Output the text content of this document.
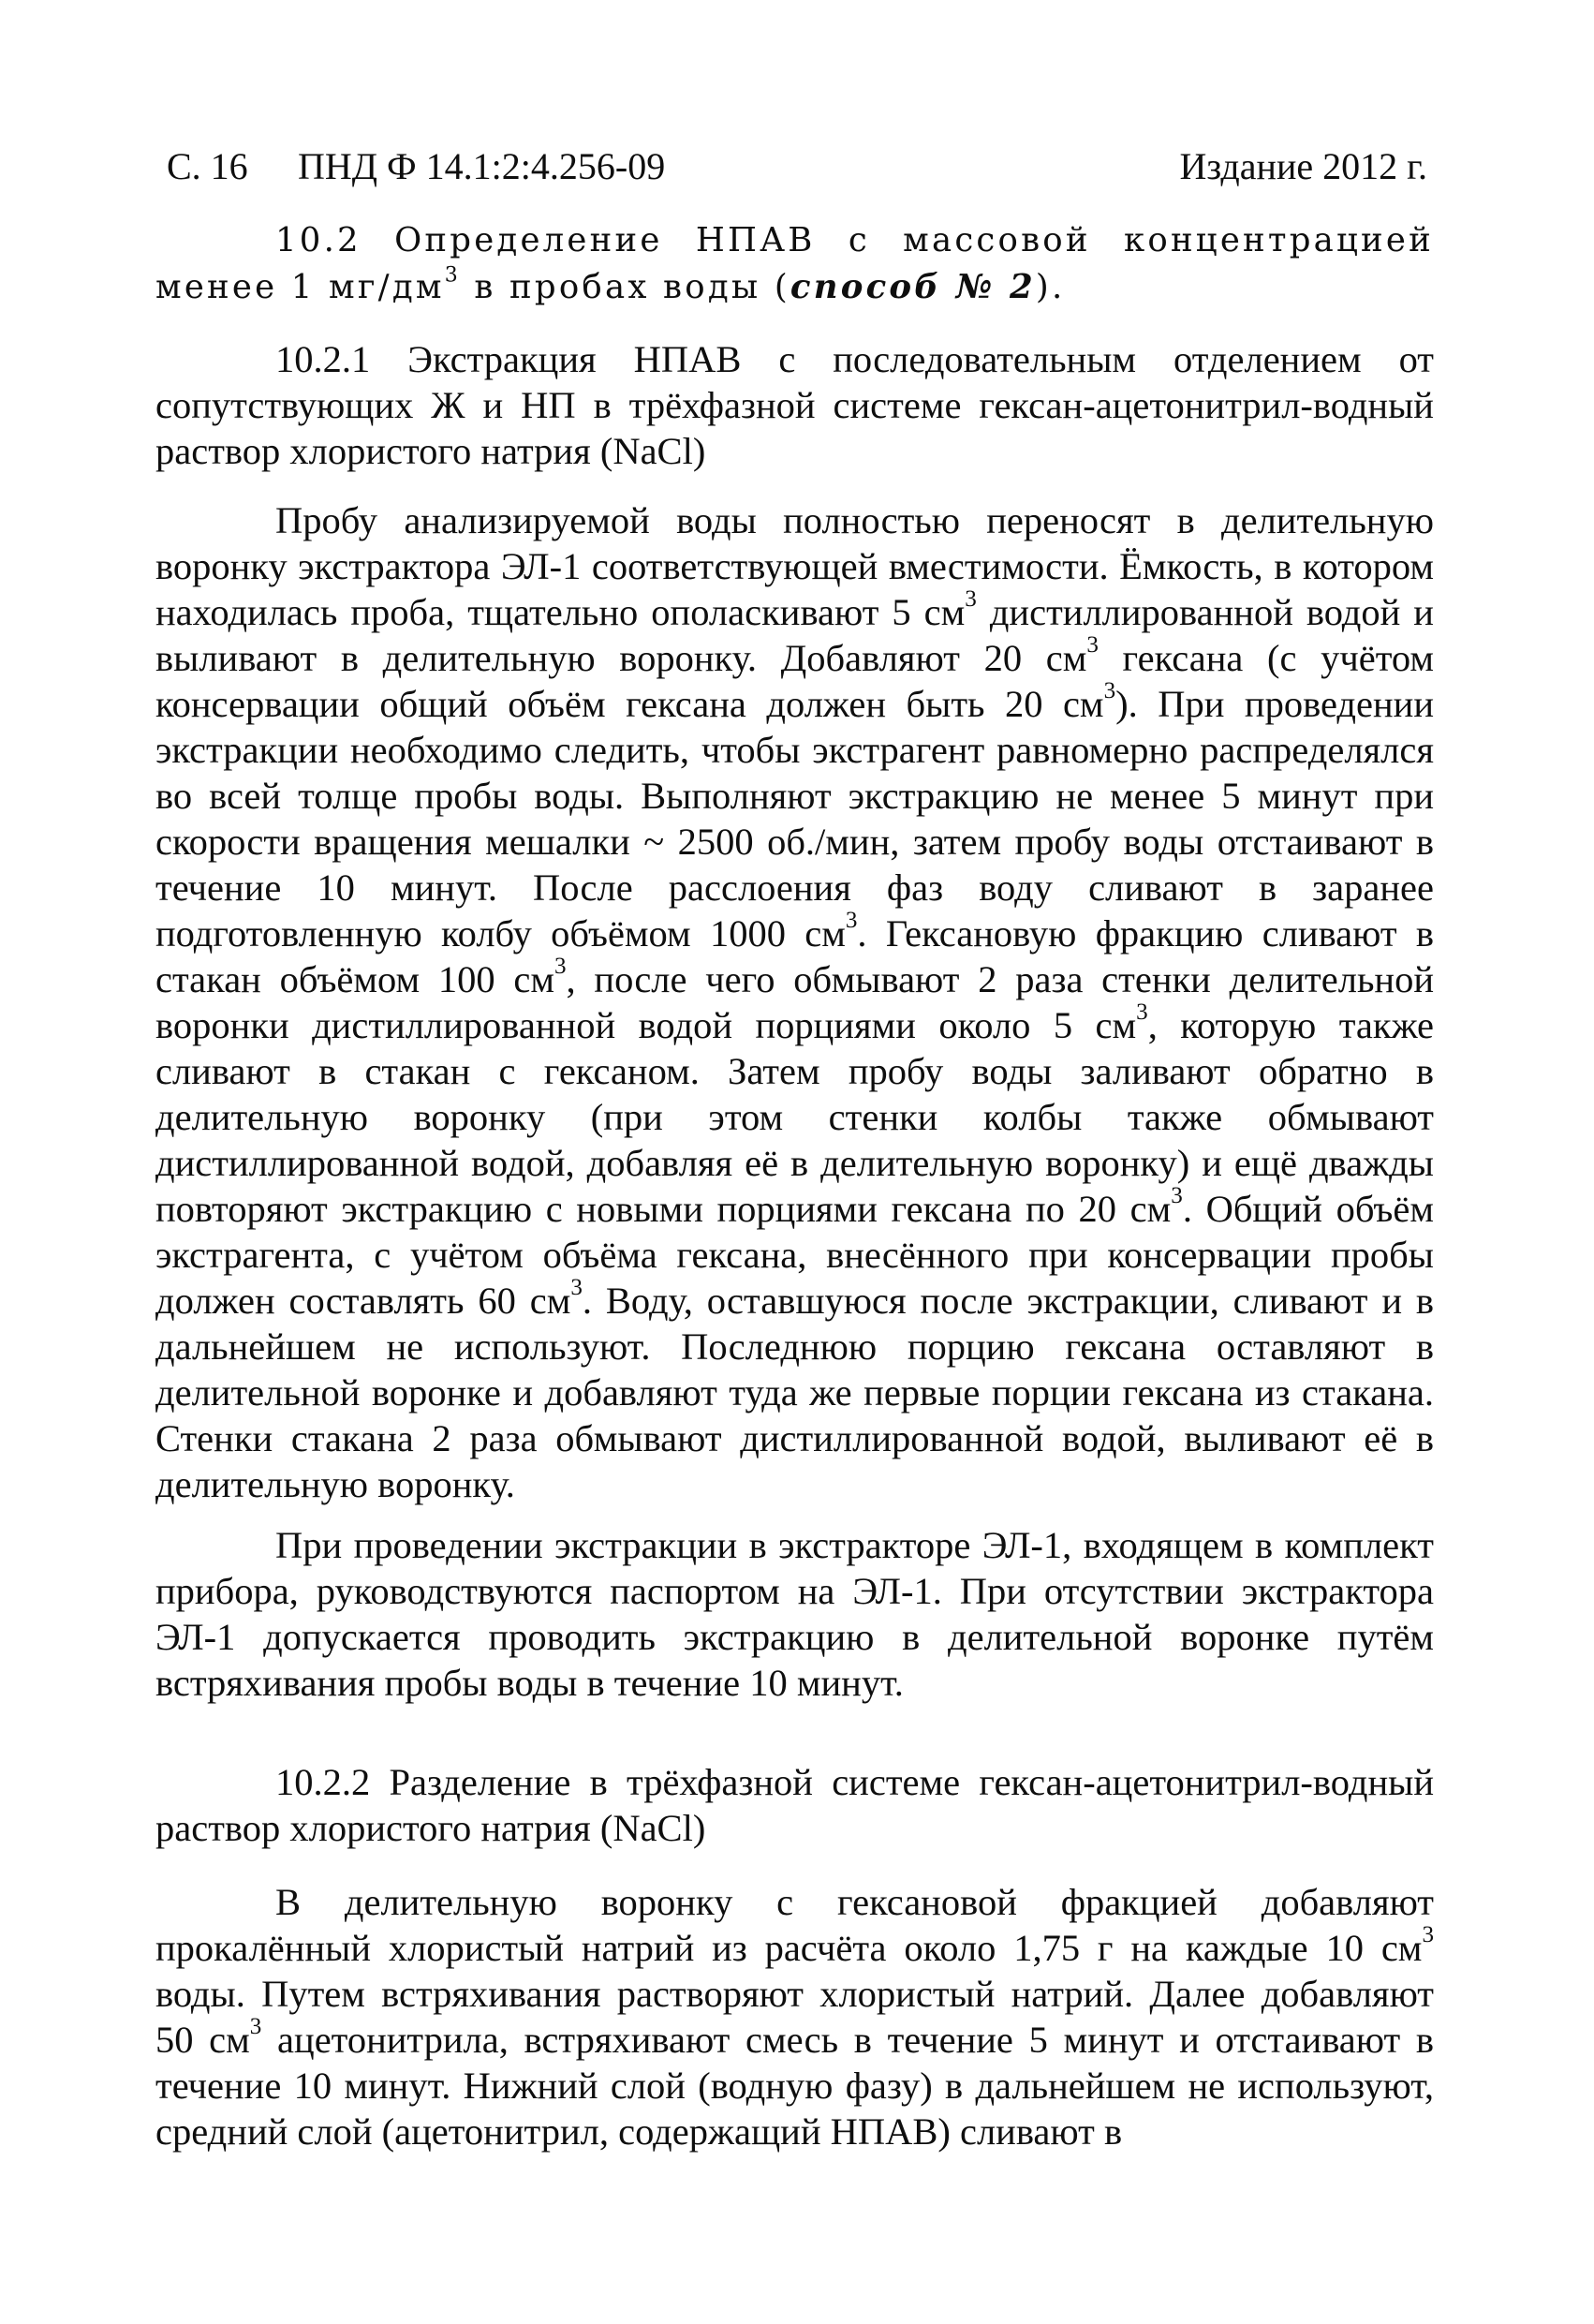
С. 16 ПНД Ф 14.1:2:4.256-09	Издание 2012 г.

10.2 Определение НПАВ с массовой концентрацией менее 1 $мг/дм^3$ в пробах воды (способ № 2).

10.2.1 Экстракция НПАВ с последовательным отделением от сопутствующих Ж и НП в трёхфазной системе гексан-ацетонитрил-водный раствор хлористого натрия (NaCl)

Пробу анализируемой воды полностью переносят в делительную воронку экстрактора ЭЛ-1 соответствующей вместимости. Ёмкость, в котором находилась проба, тщательно ополаскивают 5 $см^3$ дистиллированной водой и выливают в делительную воронку. Добавляют 20 $см^3$ гексана (с учётом консервации общий объём гексана должен быть 20 $см^3$). При проведении экстракции необходимо следить, чтобы экстрагент равномерно распределялся во всей толще пробы воды. Выполняют экстракцию не менее 5 минут при скорости вращения мешалки ~ 2500 об./мин, затем пробу воды отстаивают в течение 10 минут. После расслоения фаз воду сливают в заранее подготовленную колбу объёмом 1000 $см^3$. Гексановую фракцию сливают в стакан объёмом 100 $см^3$, после чего обмывают 2 раза стенки делительной воронки дистиллированной водой порциями около 5 $см^3$, которую также сливают в стакан с гексаном. Затем пробу воды заливают обратно в делительную воронку (при этом стенки колбы также обмывают дистиллированной водой, добавляя её в делительную воронку) и ещё дважды повторяют экстракцию с новыми порциями гексана по 20 $см^3$. Общий объём экстрагента, с учётом объёма гексана, внесённого при консервации пробы должен составлять 60 $см^3$. Воду, оставшуюся после экстракции, сливают и в дальнейшем не используют. Последнюю порцию гексана оставляют в делительной воронке и добавляют туда же первые порции гексана из стакана. Стенки стакана 2 раза обмывают дистиллированной водой, выливают её в делительную воронку.

При проведении экстракции в экстракторе ЭЛ-1, входящем в комплект прибора, руководствуются паспортом на ЭЛ-1. При отсутствии экстрактора ЭЛ-1 допускается проводить экстракцию в делительной воронке путём встряхивания пробы воды в течение 10 минут.

10.2.2 Разделение в трёхфазной системе гексан-ацетонитрил-водный раствор хлористого натрия (NaCl)

В делительную воронку с гексановой фракцией добавляют прокалённый хлористый натрий из расчёта около 1,75 г на каждые 10 $см^3$ воды. Путем встряхивания растворяют хлористый натрий. Далее добавляют 50 $см^3$ ацетонитрила, встряхивают смесь в течение 5 минут и отстаивают в течение 10 минут. Нижний слой (водную фазу) в дальнейшем не используют, средний слой (ацетонитрил, содержащий НПАВ) сливают в
